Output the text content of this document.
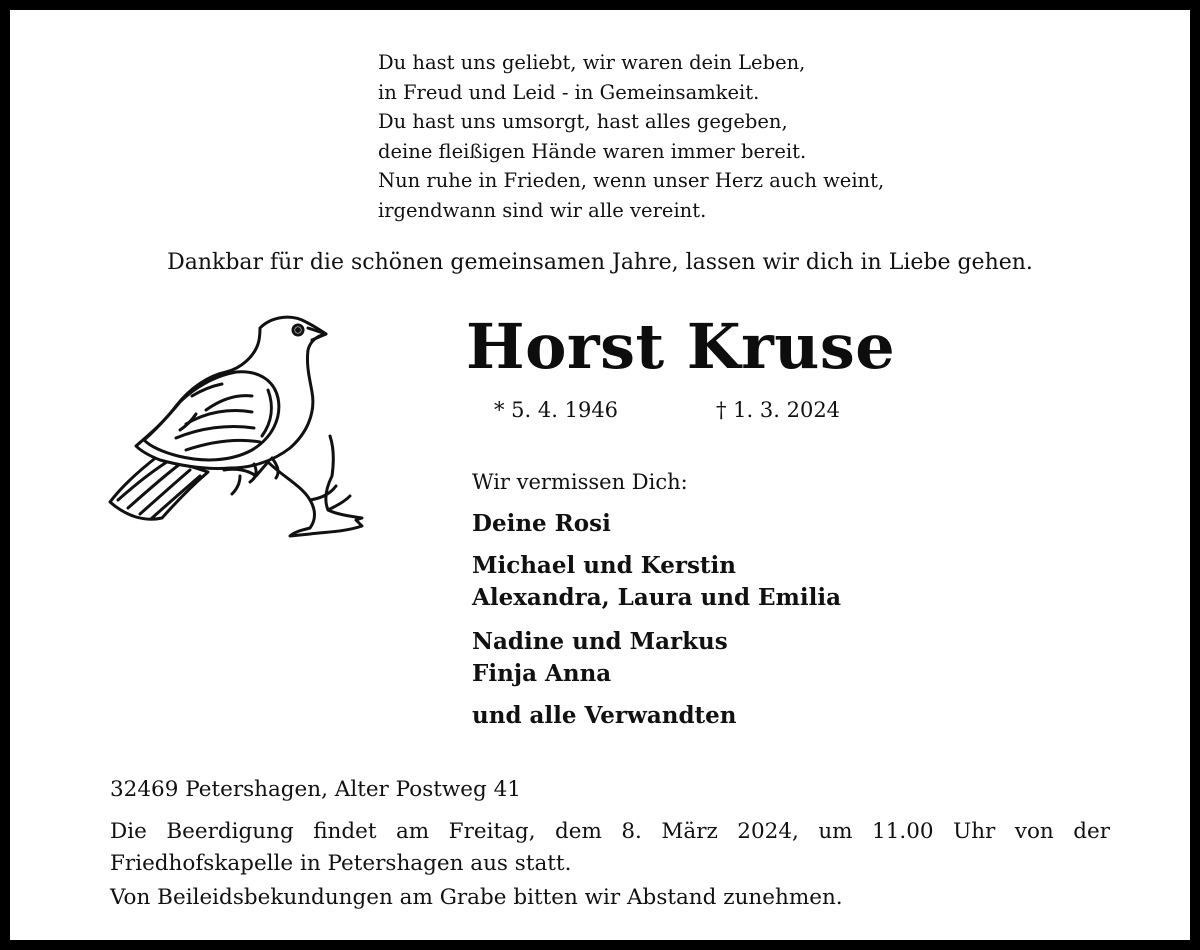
Du hast uns geliebt, wir waren dein Leben,
in Freud und Leid - in Gemeinsamkeit.
Du hast uns umsorgt, hast alles gegeben,
deine fleißigen Hände waren immer bereit.
Nun ruhe in Frieden, wenn unser Herz auch weint,
irgendwann sind wir alle vereint.
Dankbar für die schönen gemeinsamen Jahre, lassen wir dich in Liebe gehen.
Horst Kruse
* 5. 4. 1946	† 1. 3. 2024
Wir vermissen Dich:
Deine Rosi
Michael und Kerstin
Alexandra, Laura und Emilia
Nadine und Markus
Finja Anna
und alle Verwandten
32469 Petershagen, Alter Postweg 41
Die Beerdigung findet am Freitag, dem 8. März 2024, um 11.00 Uhr von der Friedhofskapelle in Petershagen aus statt.
Von Beileidsbekundungen am Grabe bitten wir Abstand zunehmen.
